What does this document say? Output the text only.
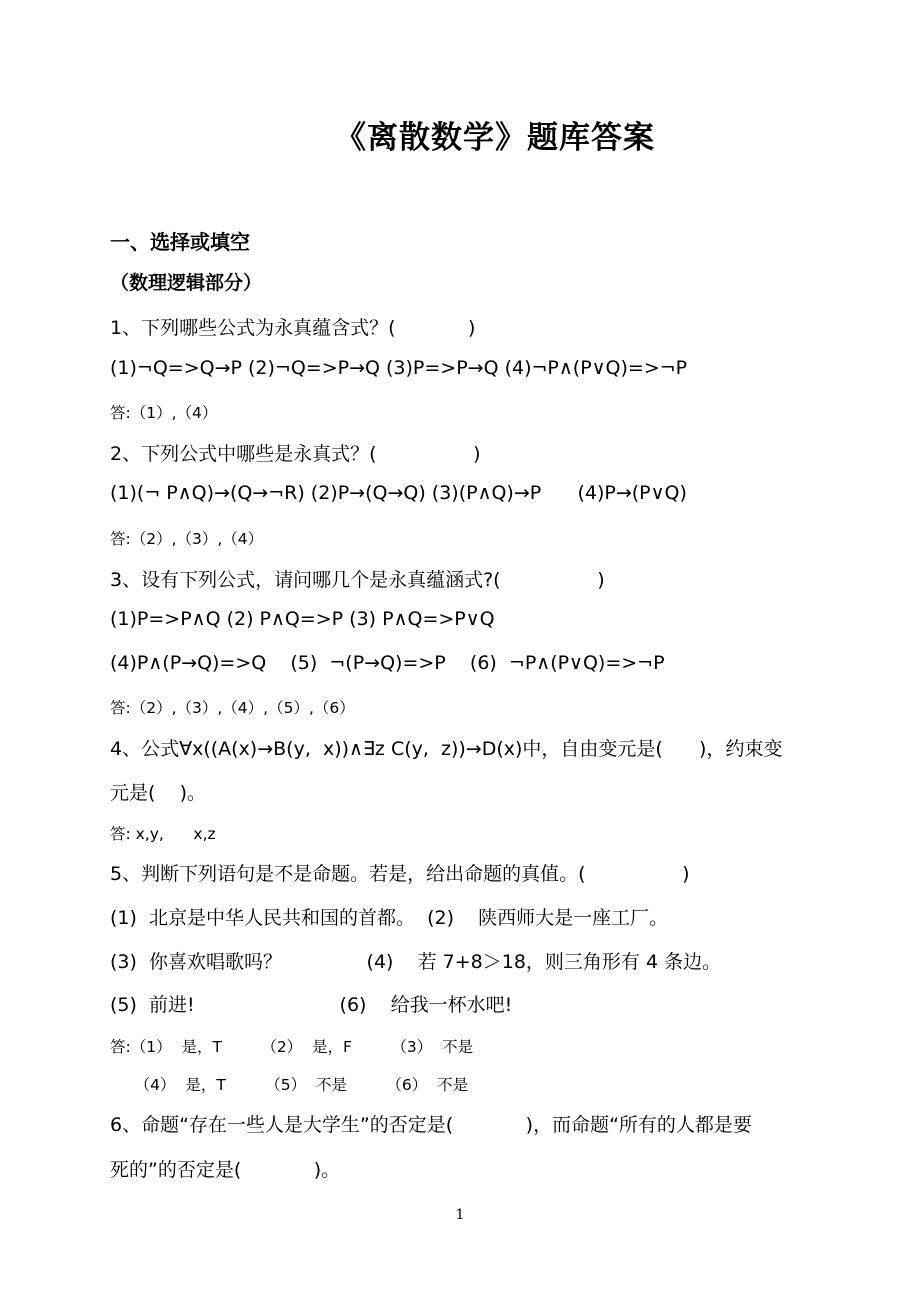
《离散数学》题库答案
一、选择或填空
（数理逻辑部分）
1、下列哪些公式为永真蕴含式？(            )
(1)¬Q=>Q→P (2)¬Q=>P→Q (3)P=>P→Q (4)¬P∧(P∨Q)=>¬P
答:（1）,（4）
2、下列公式中哪些是永真式？(                )
(1)(¬ P∧Q)→(Q→¬R) (2)P→(Q→Q) (3)(P∧Q)→P      (4)P→(P∨Q)
答:（2）,（3）,（4）
3、设有下列公式，请问哪几个是永真蕴涵式?(                )
(1)P=>P∧Q (2) P∧Q=>P (3) P∧Q=>P∨Q
(4)P∧(P→Q)=>Q    (5)  ¬(P→Q)=>P    (6)  ¬P∧(P∨Q)=>¬P
答:（2）,（3）,（4）,（5）,（6）
4、公式∀x((A(x)→B(y,  x))∧∃z C(y,  z))→D(x)中，自由变元是(      )，约束变
元是(    )。
答: x,y,      x,z
5、判断下列语句是不是命题。若是，给出命题的真值。(                )
(1)  北京是中华人民共和国的首都。  (2)    陕西师大是一座工厂。
(3)  你喜欢唱歌吗？              (4)    若 7+8＞18，则三角形有 4 条边。
(5)  前进!                        (6)    给我一杯水吧!
答:（1）  是，T        （2）  是，F        （3）  不是
（4）  是，T        （5）  不是        （6）  不是
6、命题“存在一些人是大学生”的否定是(            )，而命题“所有的人都是要
死的”的否定是(            )。
1
